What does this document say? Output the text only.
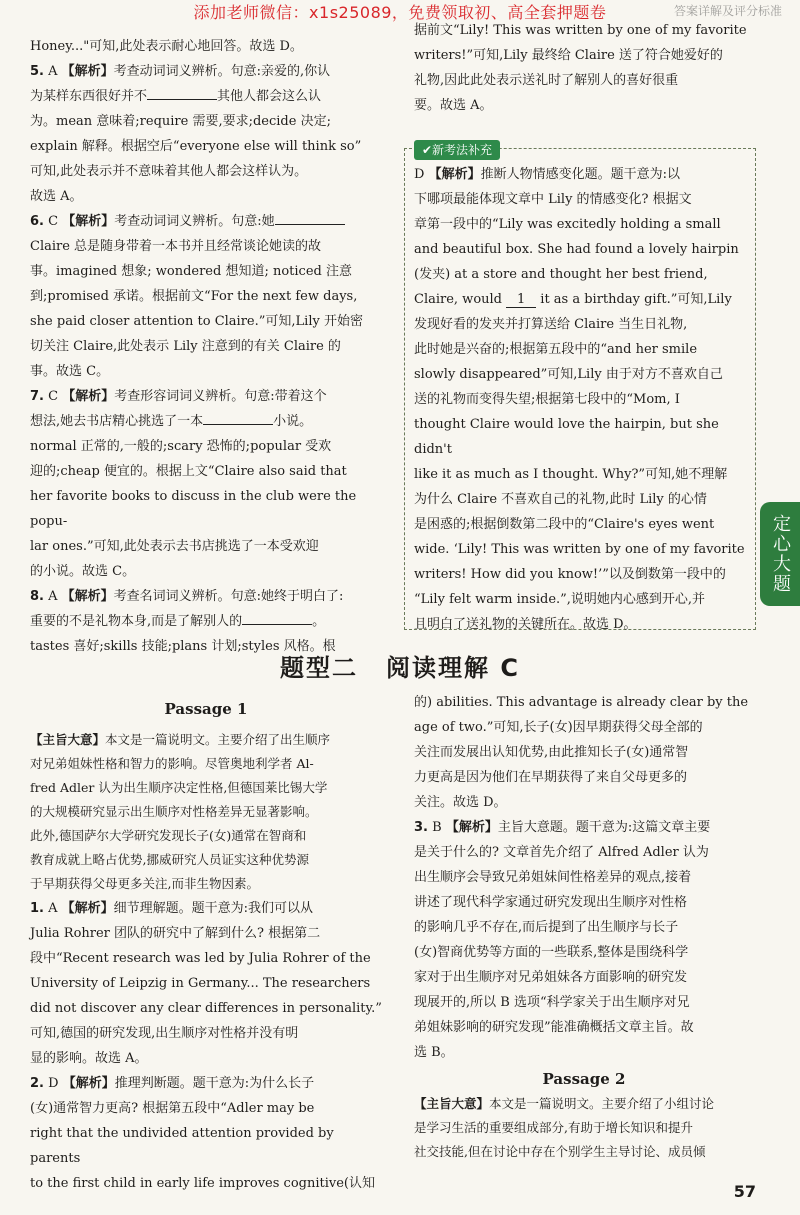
添加老师微信：x1s25089，免费领取初、高全套押题卷	答案详解及评分标准

Honey..."可知,此处表示耐心地回答。故选 D。

5. A 【解析】考查动词词义辨析。句意:亲爱的,你认

为某样东西很好并不	其他人都会这么认

为。mean 意味着;require 需要,要求;decide 决定;

explain 解释。根据空后“everyone else will think so”

可知,此处表示并不意味着其他人都会这样认为。

故选 A。

6. C 【解析】考查动词词义辨析。句意:她

Claire 总是随身带着一本书并且经常谈论她读的故

事。imagined 想象; wondered 想知道; noticed 注意

到;promised 承诺。根据前文“For the next few days,

she paid closer attention to Claire.”可知,Lily 开始密

切关注 Claire,此处表示 Lily 注意到的有关 Claire 的

事。故选 C。

7. C 【解析】考查形容词词义辨析。句意:带着这个

想法,她去书店精心挑选了一本	小说。

normal 正常的,一般的;scary 恐怖的;popular 受欢

迎的;cheap 便宜的。根据上文“Claire also said that

her favorite books to discuss in the club were the popu-

lar ones.”可知,此处表示去书店挑选了一本受欢迎

的小说。故选 C。

8. A 【解析】考查名词词义辨析。句意:她终于明白了:

重要的不是礼物本身,而是了解别人的	。

tastes 喜好;skills 技能;plans 计划;styles 风格。根

据前文“Lily! This was written by one of my favorite

writers!”可知,Lily 最终给 Claire 送了符合她爱好的

礼物,因此此处表示送礼时了解别人的喜好很重

要。故选 A。

✔新考法补充

D 【解析】推断人物情感变化题。题干意为:以

下哪项最能体现文章中 Lily 的情感变化? 根据文

章第一段中的“Lily was excitedly holding a small

and beautiful box. She had found a lovely hairpin

(发夹) at a store and thought her best friend,

Claire, would 1 it as a birthday gift.”可知,Lily

发现好看的发夹并打算送给 Claire 当生日礼物,

此时她是兴奋的;根据第五段中的“and her smile

slowly disappeared”可知,Lily 由于对方不喜欢自己

送的礼物而变得失望;根据第七段中的“Mom, I

thought Claire would love the hairpin, but she didn't

like it as much as I thought. Why?”可知,她不理解

为什么 Claire 不喜欢自己的礼物,此时 Lily 的心情

是困惑的;根据倒数第二段中的“Claire's eyes went

wide. ‘Lily! This was written by one of my favorite

writers! How did you know!’”以及倒数第一段中的

“Lily felt warm inside.”,说明她内心感到开心,并

且明白了送礼物的关键所在。故选 D。

定心大题
题型二 阅读理解 C
Passage 1

【主旨大意】本文是一篇说明文。主要介绍了出生顺序

对兄弟姐妹性格和智力的影响。尽管奥地利学者 Al-

fred Adler 认为出生顺序决定性格,但德国莱比锡大学

的大规模研究显示出生顺序对性格差异无显著影响。

此外,德国萨尔大学研究发现长子(女)通常在智商和

教育成就上略占优势,挪威研究人员证实这种优势源

于早期获得父母更多关注,而非生物因素。

1. A 【解析】细节理解题。题干意为:我们可以从

Julia Rohrer 团队的研究中了解到什么? 根据第二

段中“Recent research was led by Julia Rohrer of the

University of Leipzig in Germany... The researchers

did not discover any clear differences in personality.”

可知,德国的研究发现,出生顺序对性格并没有明

显的影响。故选 A。

2. D 【解析】推理判断题。题干意为:为什么长子

(女)通常智力更高? 根据第五段中“Adler may be

right that the undivided attention provided by parents

to the first child in early life improves cognitive(认知

的) abilities. This advantage is already clear by the

age of two.”可知,长子(女)因早期获得父母全部的

关注而发展出认知优势,由此推知长子(女)通常智

力更高是因为他们在早期获得了来自父母更多的

关注。故选 D。

3. B 【解析】主旨大意题。题干意为:这篇文章主要

是关于什么的? 文章首先介绍了 Alfred Adler 认为

出生顺序会导致兄弟姐妹间性格差异的观点,接着

讲述了现代科学家通过研究发现出生顺序对性格

的影响几乎不存在,而后提到了出生顺序与长子

(女)智商优势等方面的一些联系,整体是围绕科学

家对于出生顺序对兄弟姐妹各方面影响的研究发

现展开的,所以 B 选项“科学家关于出生顺序对兄

弟姐妹影响的研究发现”能准确概括文章主旨。故

选 B。

Passage 2

【主旨大意】本文是一篇说明文。主要介绍了小组讨论

是学习生活的重要组成部分,有助于增长知识和提升

社交技能,但在讨论中存在个别学生主导讨论、成员倾

57
